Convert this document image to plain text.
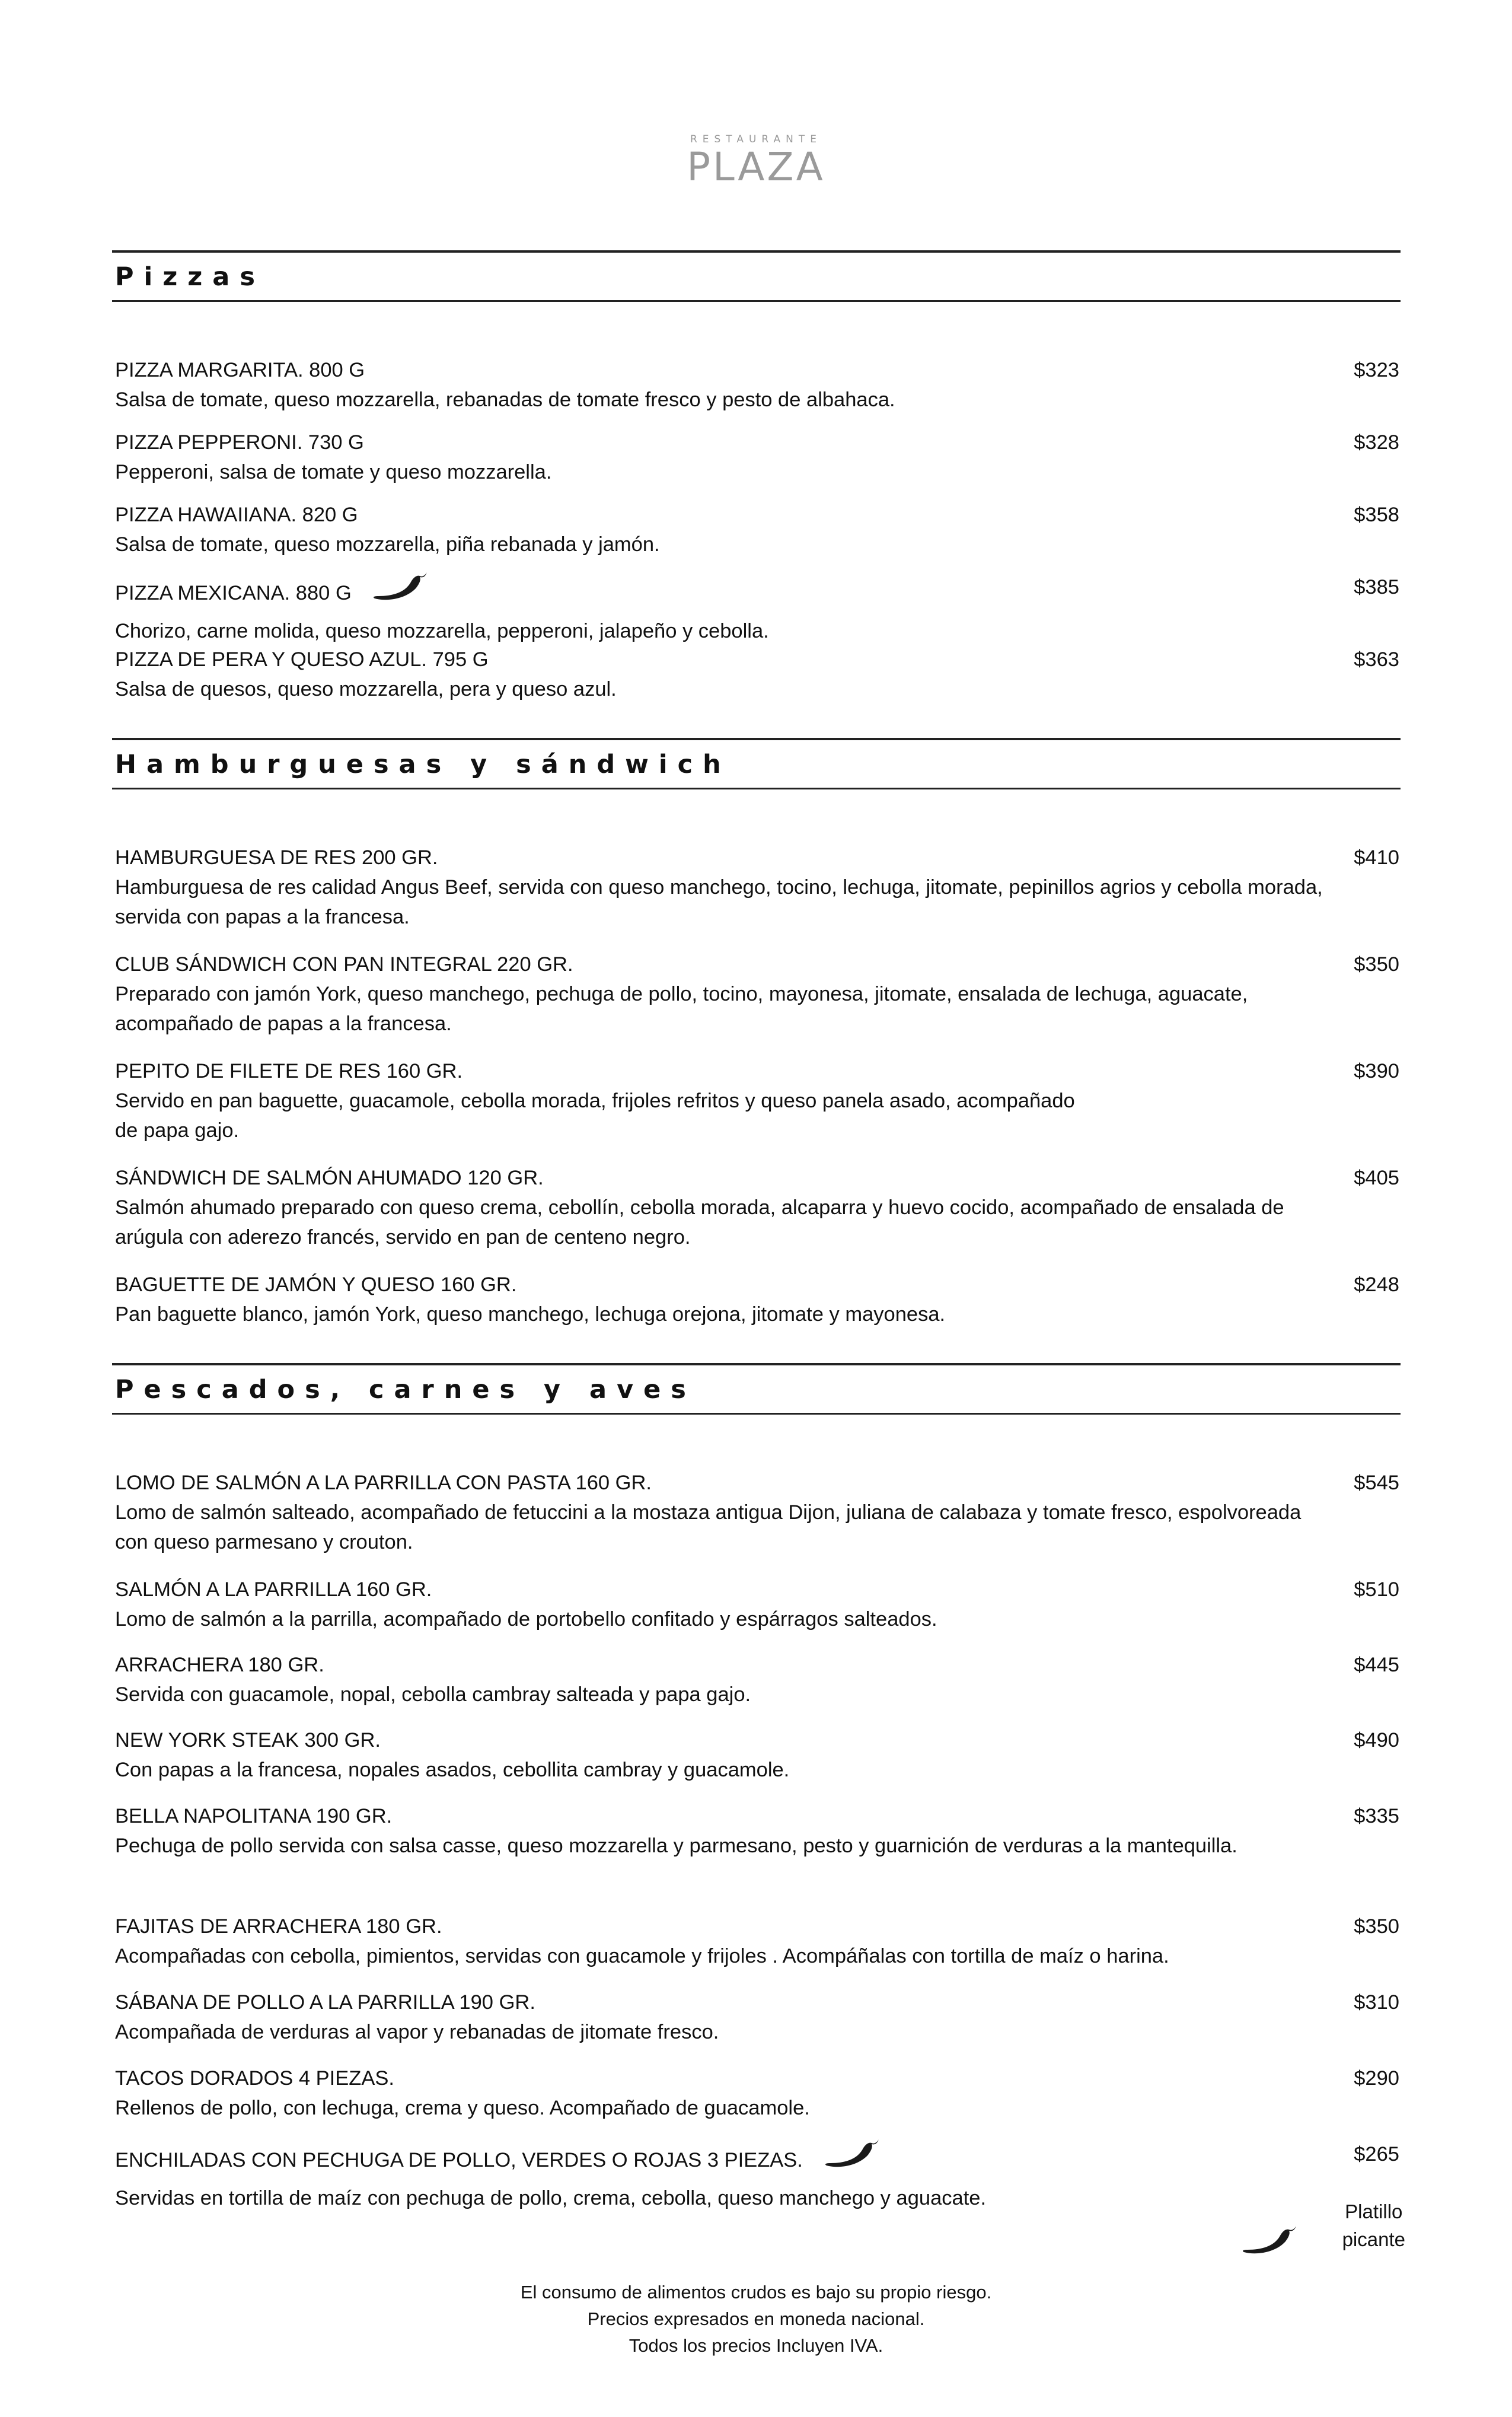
RESTAURANTE
PLAZA
Pizzas
PIZZA MARGARITA. 800 G	$323
Salsa de tomate, queso mozzarella, rebanadas de tomate fresco y pesto de albahaca.
PIZZA PEPPERONI. 730 G	$328
Pepperoni, salsa de tomate y queso mozzarella.
PIZZA HAWAIIANA. 820 G	$358
Salsa de tomate, queso mozzarella, piña rebanada y jamón.
PIZZA MEXICANA. 880 G	$385
Chorizo, carne molida, queso mozzarella, pepperoni, jalapeño y cebolla.
PIZZA DE PERA Y QUESO AZUL. 795 G	$363
Salsa de quesos, queso mozzarella, pera y queso azul.
Hamburguesas y sándwich
HAMBURGUESA DE RES 200 GR.	$410
Hamburguesa de res calidad Angus Beef, servida con queso manchego, tocino, lechuga, jitomate, pepinillos agrios y cebolla morada, servida con papas a la francesa.
CLUB SÁNDWICH CON PAN INTEGRAL 220 GR.	$350
Preparado con jamón York, queso manchego, pechuga de pollo, tocino, mayonesa, jitomate, ensalada de lechuga, aguacate, acompañado de papas a la francesa.
PEPITO DE FILETE DE RES 160 GR.	$390
Servido en pan baguette, guacamole, cebolla morada, frijoles refritos y queso panela asado, acompañado de papa gajo.
SÁNDWICH DE SALMÓN AHUMADO 120 GR.	$405
Salmón ahumado preparado con queso crema, cebollín, cebolla morada, alcaparra y huevo cocido, acompañado de ensalada de arúgula con aderezo francés, servido en pan de centeno negro.
BAGUETTE DE JAMÓN Y QUESO 160 GR.	$248
Pan baguette blanco, jamón York, queso manchego, lechuga orejona, jitomate y mayonesa.
Pescados, carnes y aves
LOMO DE SALMÓN A LA PARRILLA CON PASTA 160 GR.	$545
Lomo de salmón salteado, acompañado de fetuccini a la mostaza antigua Dijon, juliana de calabaza y tomate fresco, espolvoreada con queso parmesano y crouton.
SALMÓN A LA PARRILLA 160 GR.	$510
Lomo de salmón a la parrilla, acompañado de portobello confitado y espárragos salteados.
ARRACHERA 180 GR.	$445
Servida con guacamole, nopal, cebolla cambray salteada y papa gajo.
NEW YORK STEAK 300 GR.	$490
Con papas a la francesa, nopales asados, cebollita cambray y guacamole.
BELLA NAPOLITANA 190 GR.	$335
Pechuga de pollo servida con salsa casse, queso mozzarella y parmesano, pesto y guarnición de verduras a la mantequilla.
FAJITAS DE ARRACHERA 180 GR.	$350
Acompañadas con cebolla, pimientos, servidas con guacamole y frijoles . Acompáñalas con tortilla de maíz o harina.
SÁBANA DE POLLO A LA PARRILLA 190 GR.	$310
Acompañada de verduras al vapor y rebanadas de jitomate fresco.
TACOS DORADOS 4 PIEZAS.	$290
Rellenos de pollo, con lechuga, crema y queso. Acompañado de guacamole.
ENCHILADAS CON PECHUGA DE POLLO, VERDES O ROJAS 3 PIEZAS.	$265
Servidas en tortilla de maíz con pechuga de pollo, crema, cebolla, queso manchego y aguacate.
Platillo
picante
El consumo de alimentos crudos es bajo su propio riesgo.
Precios expresados en moneda nacional.
Todos los precios Incluyen IVA.
